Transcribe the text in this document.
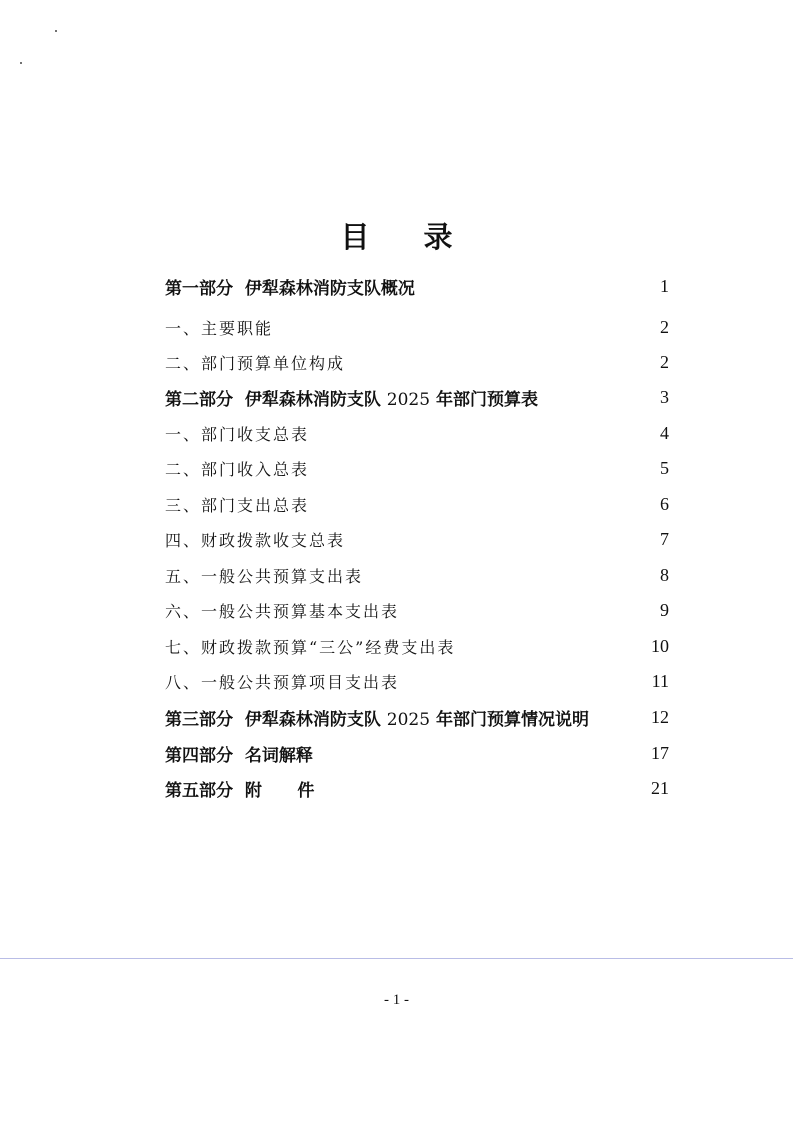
目 录
第一部分  伊犁森林消防支队概况	1
一、主要职能	2
二、部门预算单位构成	2
第二部分  伊犁森林消防支队 2025 年部门预算表	3
一、部门收支总表	4
二、部门收入总表	5
三、部门支出总表	6
四、财政拨款收支总表	7
五、一般公共预算支出表	8
六、一般公共预算基本支出表	9
七、财政拨款预算“三公”经费支出表	10
八、一般公共预算项目支出表	11
第三部分  伊犁森林消防支队 2025 年部门预算情况说明	12
第四部分  名词解释	17
第五部分  附      件	21
- 1 -
